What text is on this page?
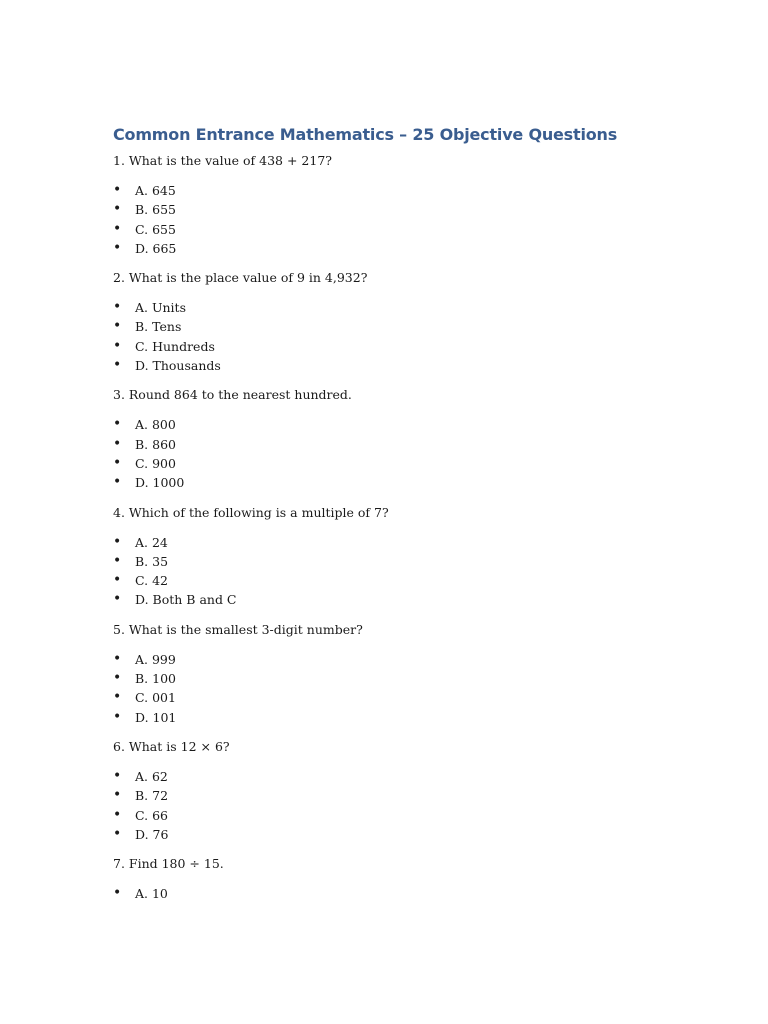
Common Entrance Mathematics – 25 Objective Questions

1. What is the value of 438 + 217?

• A. 645
• B. 655
• C. 655
• D. 665

2. What is the place value of 9 in 4,932?

• A. Units
• B. Tens
• C. Hundreds
• D. Thousands

3. Round 864 to the nearest hundred.

• A. 800
• B. 860
• C. 900
• D. 1000

4. Which of the following is a multiple of 7?

• A. 24
• B. 35
• C. 42
• D. Both B and C

5. What is the smallest 3-digit number?

• A. 999
• B. 100
• C. 001
• D. 101

6. What is 12 × 6?

• A. 62
• B. 72
• C. 66
• D. 76

7. Find 180 ÷ 15.

• A. 10
